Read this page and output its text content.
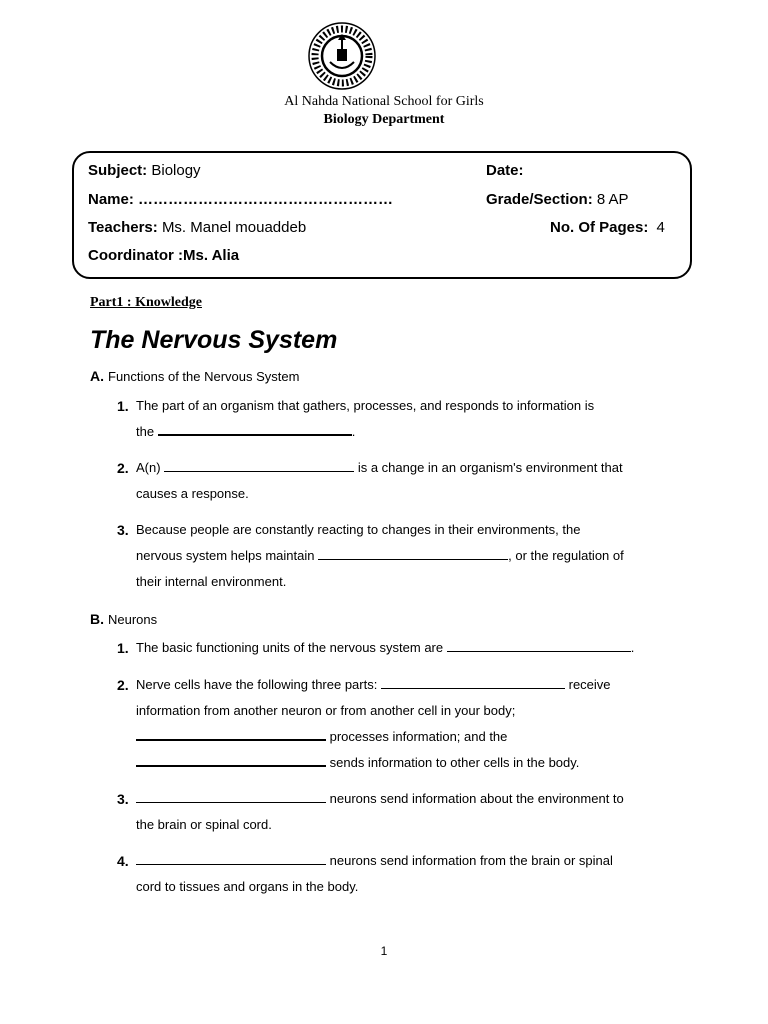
Al Nahda National School for Girls
Biology Department
Subject: Biology
Name: ……………………………………………
Teachers: Ms. Manel mouaddeb
Coordinator :Ms. Alia
Date:
Grade/Section: 8 AP
No. Of Pages: 4
Part1 : Knowledge
The Nervous System
A. Functions of the Nervous System
1. The part of an organism that gathers, processes, and responds to information is
the	.
2. A(n)	is a change in an organism's environment that
causes a response.
3. Because people are constantly reacting to changes in their environments, the
nervous system helps maintain	, or the regulation of
their internal environment.
B. Neurons
1. The basic functioning units of the nervous system are	.
2. Nerve cells have the following three parts:	receive
information from another neuron or from another cell in your body;
processes information; and the
sends information to other cells in the body.
3.	neurons send information about the environment to
the brain or spinal cord.
4.	neurons send information from the brain or spinal
cord to tissues and organs in the body.
1
